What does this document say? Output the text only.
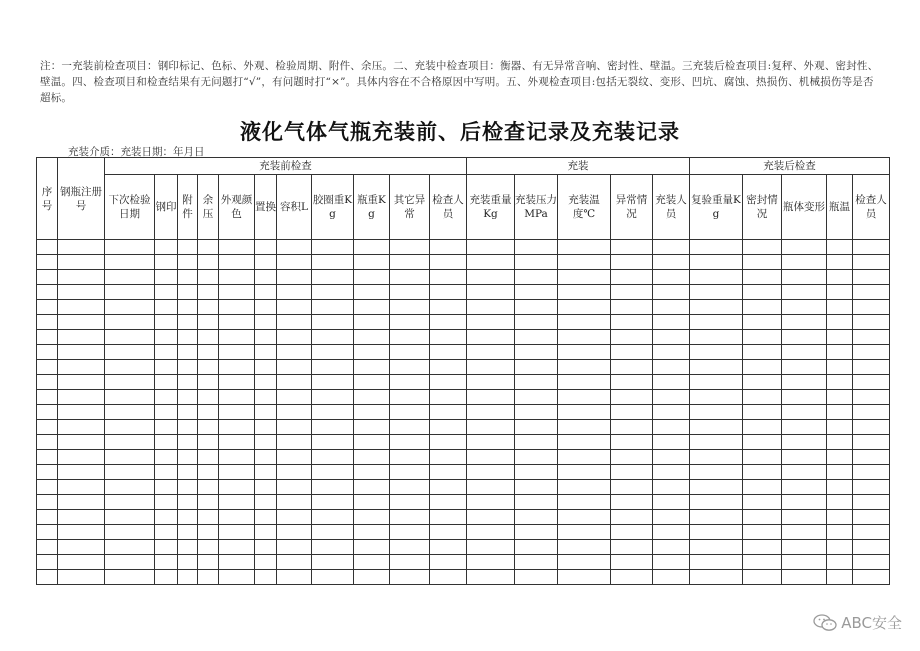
注：一充装前检查项目：钢印标记、色标、外观、检验周期、附件、余压。二、充装中检查项目：衡器、有无异常音响、密封性、壁温。三充装后检查项目:复秤、外观、密封性、壁温。四、检查项目和检查结果有无问题打“√”，有问题时打“×”。具体内容在不合格原因中写明。五、外观检查项目:包括无裂纹、变形、凹坑、腐蚀、热损伤、机械损伤等是否超标。
液化气体气瓶充装前、后检查记录及充装记录
充装介质：充装日期：年月日
序号	钢瓶注册号	充装前检查											充装					充装后检查				
		下次检验日期	钢印	附件	余压	外观颜色	置换	容积L	胶圈重Kg	瓶重Kg	其它异常	检查人员	充装重量Kg	充装压力MPa	充装温度℃	异常情况	充装人员	复验重量Kg	密封情况	瓶体变形	瓶温	检查人员

ABC安全
